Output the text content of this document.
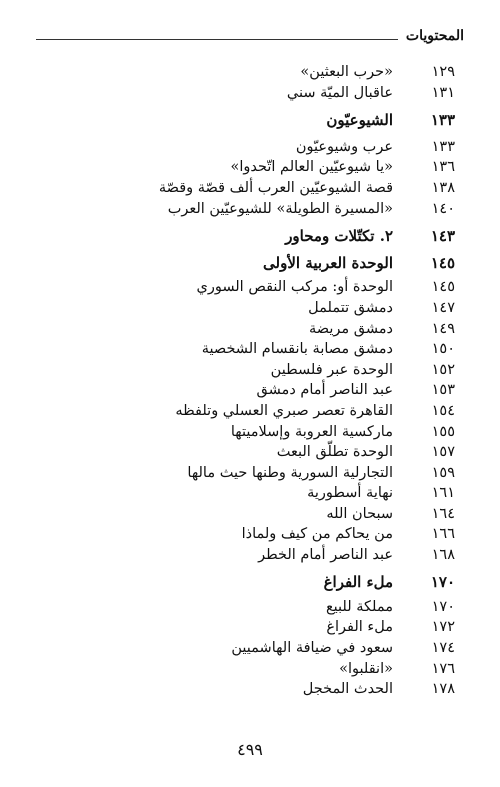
المحتويات
١٢٩
«حرب البعثين»
١٣١
عاقبال الميّة سني
١٣٣
الشيوعيّون
١٣٣
عرب وشيوعيّون
١٣٦
«يا شيوعيّين العالم اتّحدوا»
١٣٨
قصة الشيوعيّين العرب ألف قصّة وقصّة
١٤٠
«المسيرة الطويلة» للشيوعيّين العرب
١٤٣
٢. تكتّلات ومحاور
١٤٥
الوحدة العربية الأولى
١٤٥
الوحدة أو: مركب النقص السوري
١٤٧
دمشق تتململ
١٤٩
دمشق مريضة
١٥٠
دمشق مصابة بانقسام الشخصية
١٥٢
الوحدة عبر فلسطين
١٥٣
عبد الناصر أمام دمشق
١٥٤
القاهرة تعصر صبري العسلي وتلفظه
١٥٥
ماركسية العروبة وإسلاميتها
١٥٧
الوحدة تطلّق البعث
١٥٩
التجارلية السورية وطنها حيث مالها
١٦١
نهاية أسطورية
١٦٤
سبحان الله
١٦٦
من يحاكم من كيف ولماذا
١٦٨
عبد الناصر أمام الخطر
١٧٠
ملء الفراغ
١٧٠
مملكة للبيع
١٧٢
ملء الفراغ
١٧٤
سعود في ضيافة الهاشميين
١٧٦
«انقلبوا»
١٧٨
الحدث المخجل
٤٩٩
